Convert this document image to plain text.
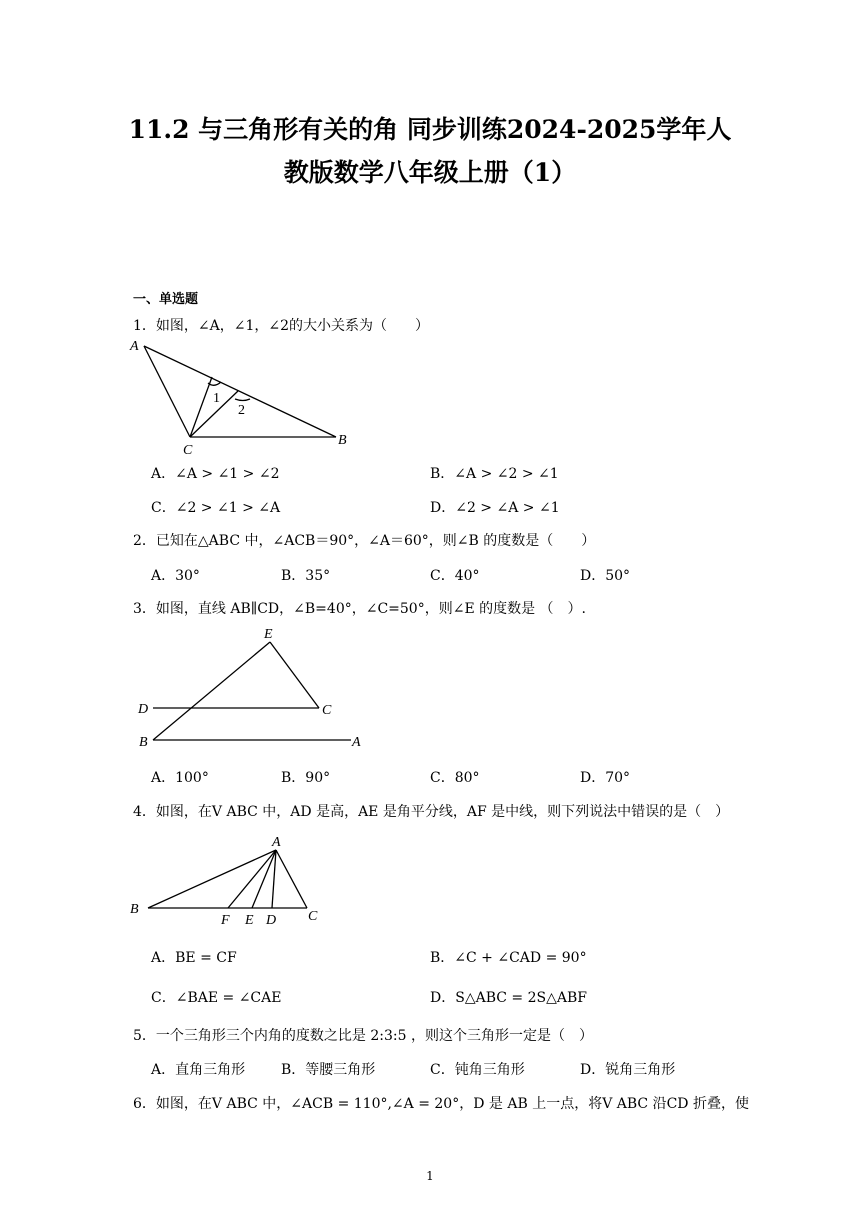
11.2 与三角形有关的角 同步训练2024-2025学年人
教版数学八年级上册（1）
一、单选题
1．如图，∠A，∠1，∠2的大小关系为（　　）
A
B
C
1
2
A．∠A > ∠1 > ∠2	B．∠A > ∠2 > ∠1
C．∠2 > ∠1 > ∠A	D．∠2 > ∠A > ∠1
2．已知在△ABC 中，∠ACB＝90°，∠A＝60°，则∠B 的度数是（　　）
A．30°	B．35°	C．40°	D．50°
3．如图，直线 AB∥CD，∠B=40°，∠C=50°，则∠E 的度数是 （　）.
E
D	C
B	A
A．100°	B．90°	C．80°	D．70°
4．如图，在V ABC 中，AD 是高，AE 是角平分线，AF 是中线，则下列说法中错误的是（　）
A
B
F E D C
A．BE = CF	B．∠C + ∠CAD = 90°
C．∠BAE = ∠CAE	D．S△ABC = 2S△ABF
5．一个三角形三个内角的度数之比是 2:3:5 ，则这个三角形一定是（　）
A．直角三角形	B．等腰三角形	C．钝角三角形	D．锐角三角形
6．如图，在V ABC 中，∠ACB = 110°,∠A = 20°，D 是 AB 上一点，将V ABC 沿CD 折叠，使
1
